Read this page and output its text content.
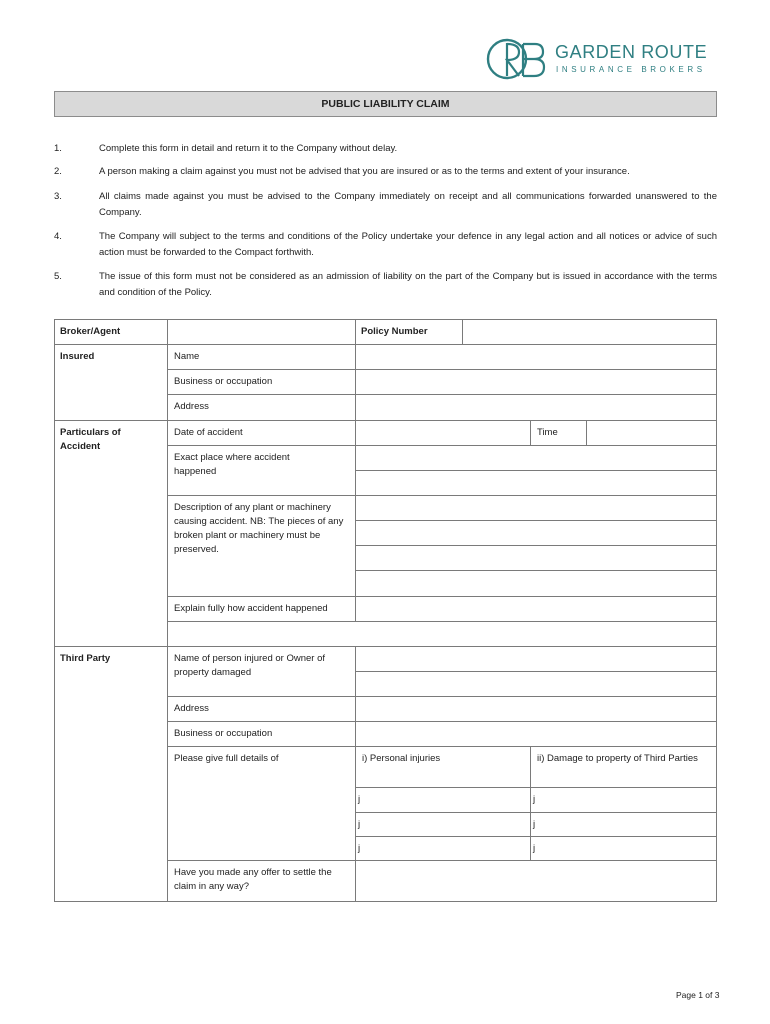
GARDEN ROUTE
INSURANCE BROKERS
PUBLIC LIABILITY CLAIM
1.	Complete this form in detail and return it to the Company without delay.
2.	A person making a claim against you must not be advised that you are insured or as to the terms and extent of your insurance.
3.	All claims made against you must be advised to the Company immediately on receipt and all communications forwarded unanswered to the Company.
4.	The Company will subject to the terms and conditions of the Policy undertake your defence in any legal action and all notices or advice of such action must be forwarded to the Compact forthwith.
5.	The issue of this form must not be considered as an admission of liability on the part of the Company but is issued in accordance with the terms and condition of the Policy.
Broker/Agent	Policy Number
Insured	Name
Business or occupation
Address
Particulars of Accident
Date of accident	Time
Exact place where accident happened
Description of any plant or machinery causing accident. NB: The pieces of any broken plant or machinery must be preserved.
Explain fully how accident happened
Third Party	Name of person injured or Owner of property damaged
Address
Business or occupation
Please give full details of	i) Personal injuries	ii) Damage to property of Third Parties
j	j
j	j
j	j
Have you made any offer to settle the claim in any way?
Page 1 of 3
